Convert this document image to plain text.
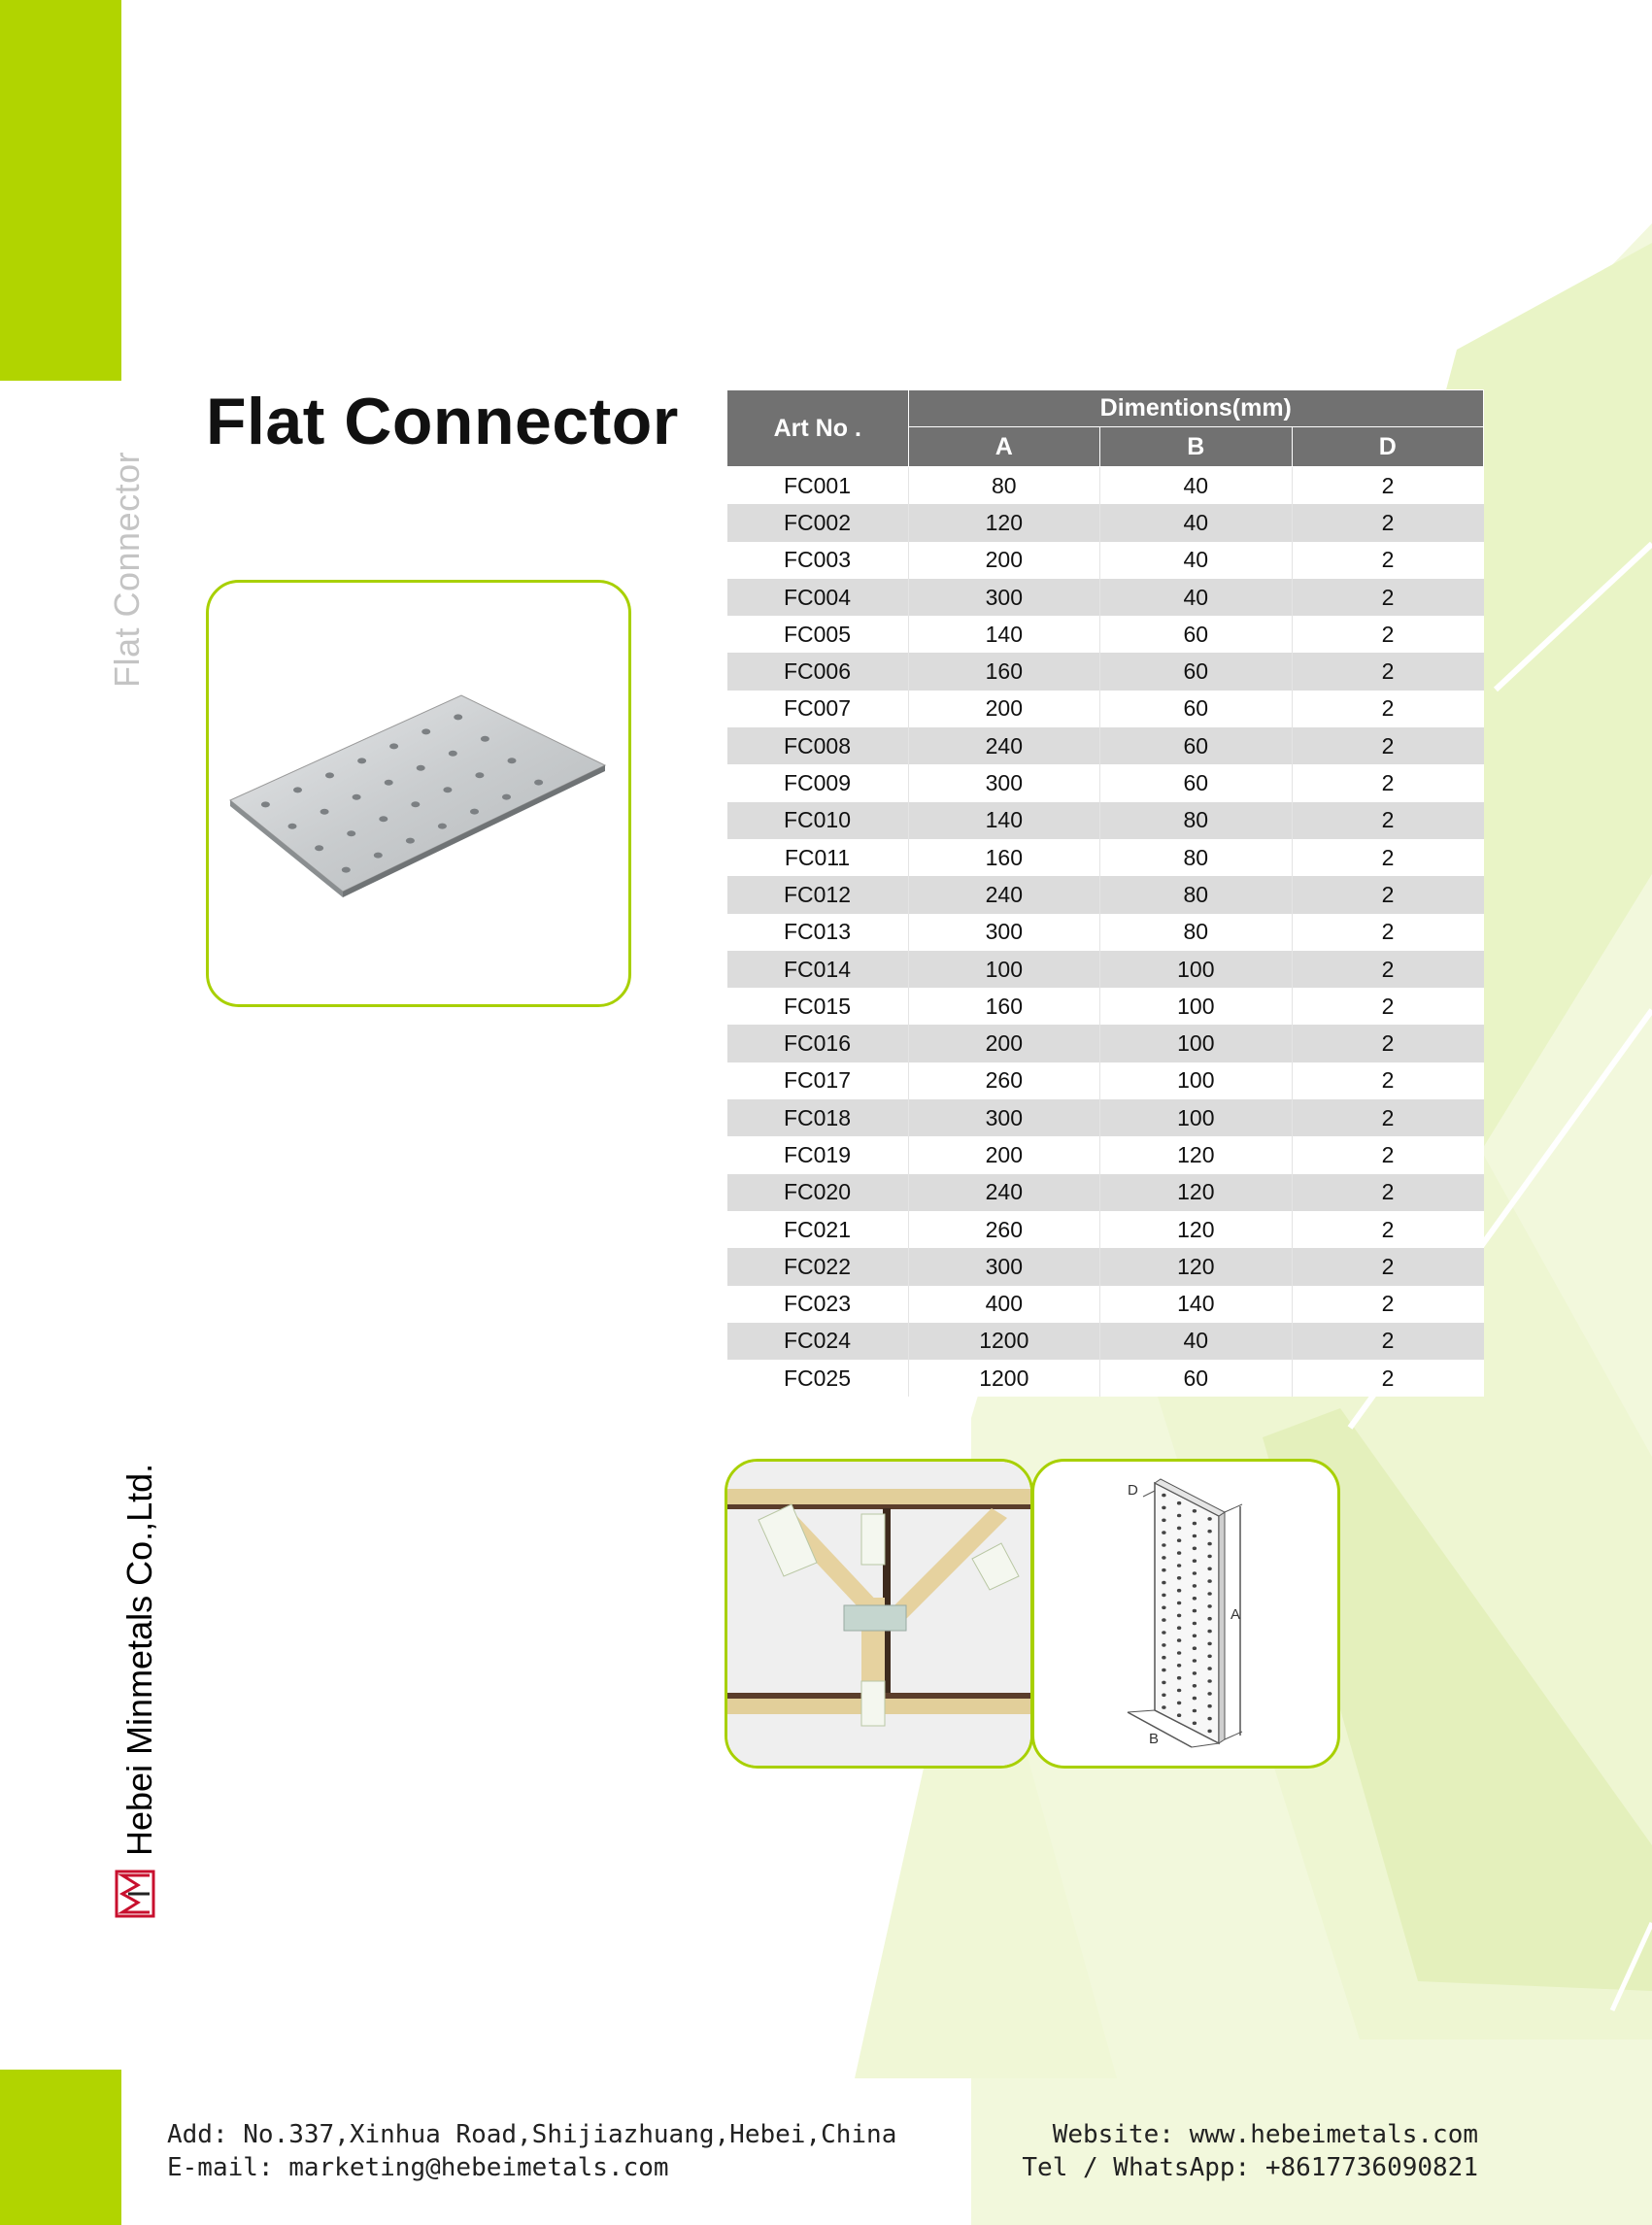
Flat Connector
Hebei Minmetals Co.,Ltd.
Flat Connector	Art No .	Dimentions(mm)		
	A	B	D
FC001	80	40	2
FC002	120	40	2
FC003	200	40	2
FC004	300	40	2
FC005	140	60	2
FC006	160	60	2
FC007	200	60	2
FC008	240	60	2
FC009	300	60	2
FC010	140	80	2
FC011	160	80	2
FC012	240	80	2
FC013	300	80	2
FC014	100	100	2
FC015	160	100	2
FC016	200	100	2
FC017	260	100	2
FC018	300	100	2
FC019	200	120	2
FC020	240	120	2
FC021	260	120	2
FC022	300	120	2
FC023	400	140	2
FC024	1200	40	2
FC025	1200	60	2
A
B
D
Add: No.337,Xinhua Road,Shijiazhuang,Hebei,China
E-mail: marketing@hebeimetals.com
Website: www.hebeimetals.com
Tel / WhatsApp: +8617736090821
